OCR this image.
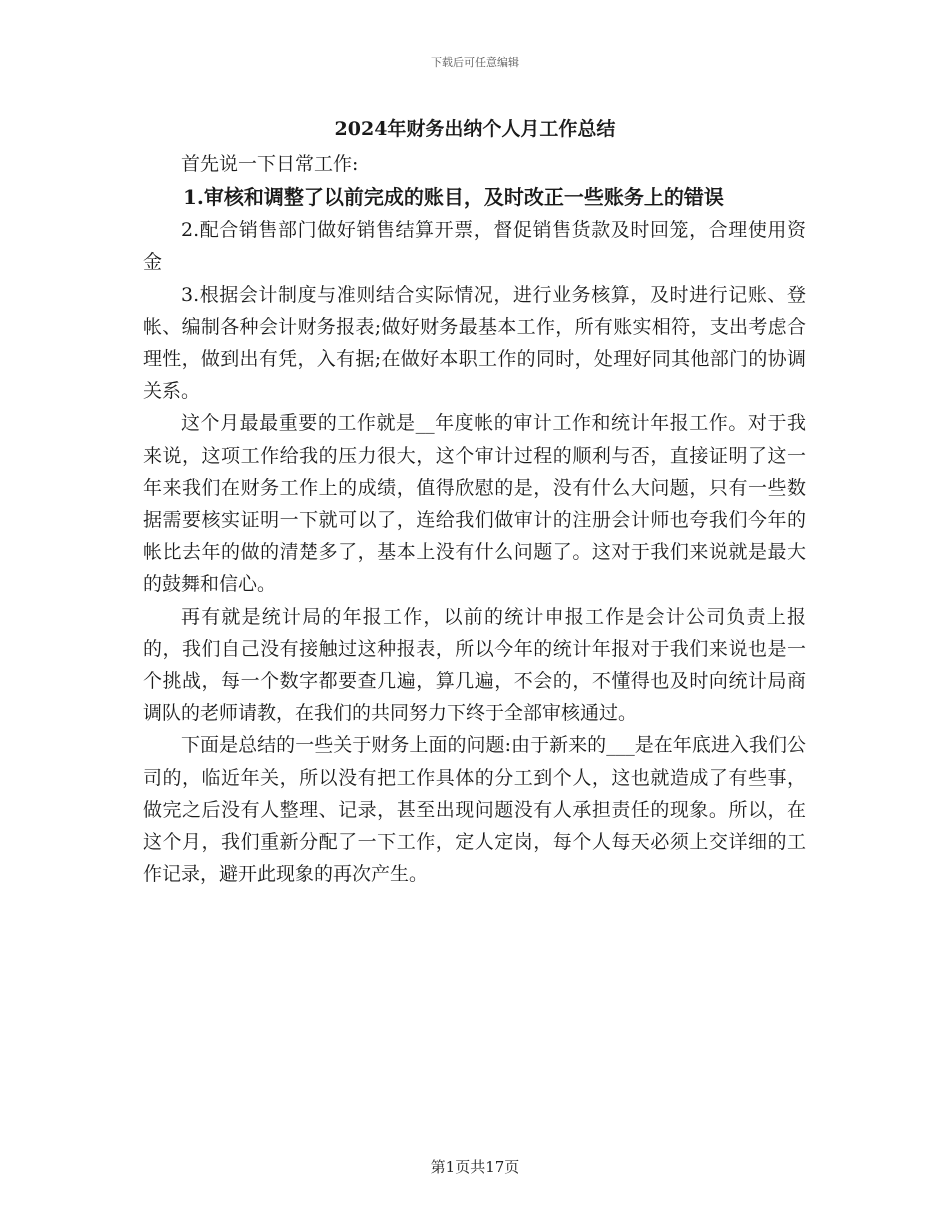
下载后可任意编辑
2024年财务出纳个人月工作总结

首先说一下日常工作:

1.审核和调整了以前完成的账目，及时改正一些账务上的错误

2.配合销售部门做好销售结算开票，督促销售货款及时回笼，合理使用资金

3.根据会计制度与准则结合实际情况，进行业务核算，及时进行记账、登帐、编制各种会计财务报表;做好财务最基本工作，所有账实相符，支出考虑合理性，做到出有凭，入有据;在做好本职工作的同时，处理好同其他部门的协调关系。

这个月最最重要的工作就是__年度帐的审计工作和统计年报工作。对于我来说，这项工作给我的压力很大，这个审计过程的顺利与否，直接证明了这一年来我们在财务工作上的成绩，值得欣慰的是，没有什么大问题，只有一些数据需要核实证明一下就可以了，连给我们做审计的注册会计师也夸我们今年的帐比去年的做的清楚多了，基本上没有什么问题了。这对于我们来说就是最大的鼓舞和信心。

再有就是统计局的年报工作，以前的统计申报工作是会计公司负责上报的，我们自己没有接触过这种报表，所以今年的统计年报对于我们来说也是一个挑战，每一个数字都要查几遍，算几遍，不会的，不懂得也及时向统计局商调队的老师请教，在我们的共同努力下终于全部审核通过。

下面是总结的一些关于财务上面的问题:由于新来的___是在年底进入我们公司的，临近年关，所以没有把工作具体的分工到个人，这也就造成了有些事，做完之后没有人整理、记录，甚至出现问题没有人承担责任的现象。所以，在这个月，我们重新分配了一下工作，定人定岗，每个人每天必须上交详细的工作记录，避开此现象的再次产生。

第1页共17页
